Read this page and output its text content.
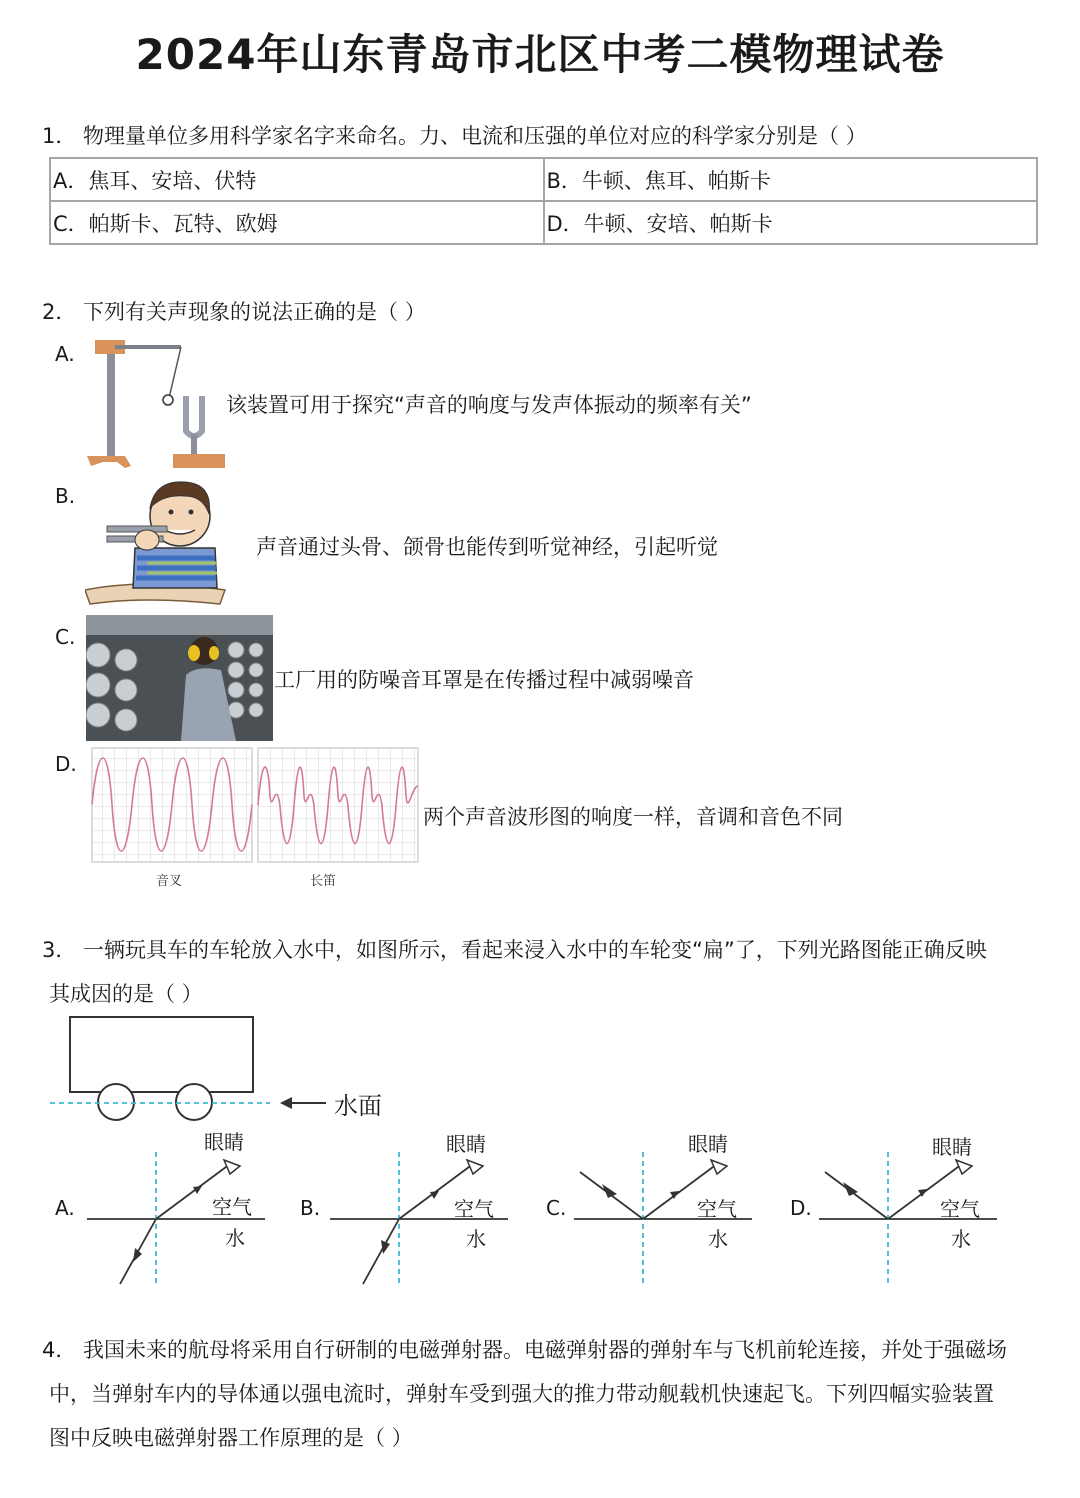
2024年山东青岛市北区中考二模物理试卷
1． 物理量单位多用科学家名字来命名。力、电流和压强的单位对应的科学家分别是（ ）
A．焦耳、安培、伏特	B．牛顿、焦耳、帕斯卡
C．帕斯卡、瓦特、欧姆	D．牛顿、安培、帕斯卡
2． 下列有关声现象的说法正确的是（ ）
A.
该装置可用于探究“声音的响度与发声体振动的频率有关”
B.
声音通过头骨、颌骨也能传到听觉神经，引起听觉
C.
工厂用的防噪音耳罩是在传播过程中减弱噪音
D.
音叉	长笛
两个声音波形图的响度一样，音调和音色不同
3． 一辆玩具车的车轮放入水中，如图所示，看起来浸入水中的车轮变“扁”了，下列光路图能正确反映
其成因的是（ ）
水面
A.	B.	C.	D.
眼睛
空气
水
眼睛
空气
水
眼睛
空气
水
眼睛
空气
水
4． 我国未来的航母将采用自行研制的电磁弹射器。电磁弹射器的弹射车与飞机前轮连接，并处于强磁场
中，当弹射车内的导体通以强电流时，弹射车受到强大的推力带动舰载机快速起飞。下列四幅实验装置
图中反映电磁弹射器工作原理的是（ ）
